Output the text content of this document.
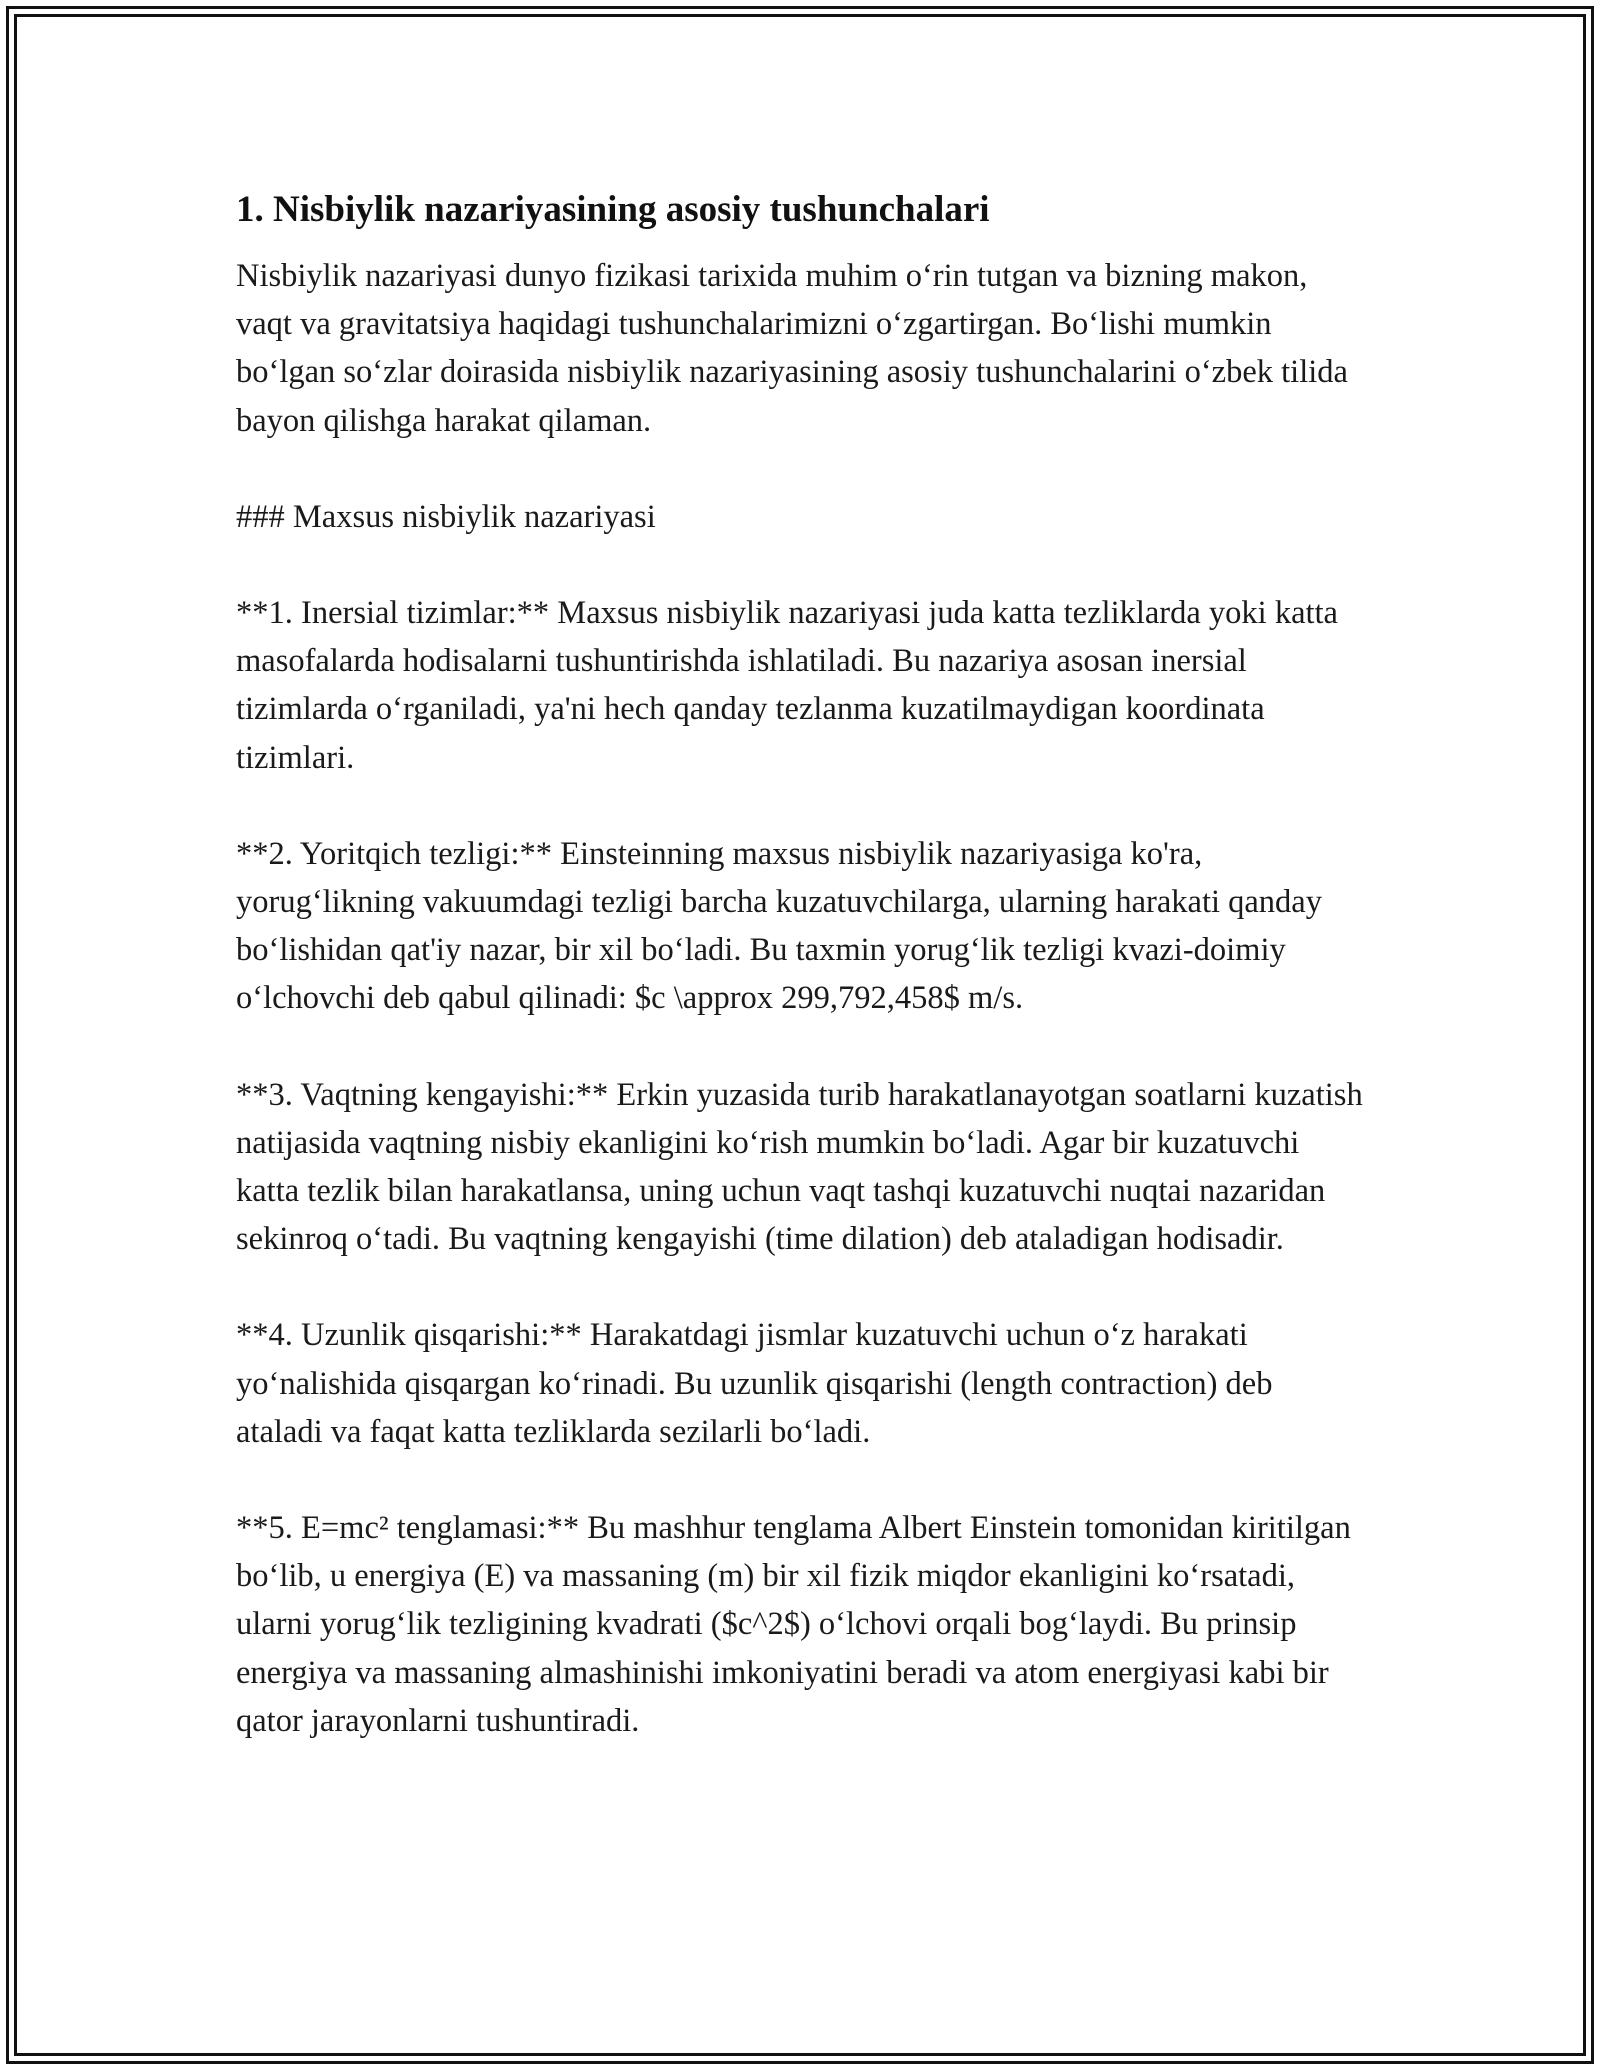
1. Nisbiylik nazariyasining asosiy tushunchalari

Nisbiylik nazariyasi dunyo fizikasi tarixida muhim o‘rin tutgan va bizning makon, vaqt va gravitatsiya haqidagi tushunchalarimizni o‘zgartirgan. Bo‘lishi mumkin bo‘lgan so‘zlar doirasida nisbiylik nazariyasining asosiy tushunchalarini o‘zbek tilida bayon qilishga harakat qilaman.

### Maxsus nisbiylik nazariyasi

**1. Inersial tizimlar:** Maxsus nisbiylik nazariyasi juda katta tezliklarda yoki katta masofalarda hodisalarni tushuntirishda ishlatiladi. Bu nazariya asosan inersial tizimlarda o‘rganiladi, ya'ni hech qanday tezlanma kuzatilmaydigan koordinata tizimlari.

**2. Yoritqich tezligi:** Einsteinning maxsus nisbiylik nazariyasiga ko'ra, yorug‘likning vakuumdagi tezligi barcha kuzatuvchilarga, ularning harakati qanday bo‘lishidan qat'iy nazar, bir xil bo‘ladi. Bu taxmin yorug‘lik tezligi kvazi-doimiy o‘lchovchi deb qabul qilinadi: $c \approx 299,792,458$ m/s.

**3. Vaqtning kengayishi:** Erkin yuzasida turib harakatlanayotgan soatlarni kuzatish natijasida vaqtning nisbiy ekanligini ko‘rish mumkin bo‘ladi. Agar bir kuzatuvchi katta tezlik bilan harakatlansa, uning uchun vaqt tashqi kuzatuvchi nuqtai nazaridan sekinroq o‘tadi. Bu vaqtning kengayishi (time dilation) deb ataladigan hodisadir.

**4. Uzunlik qisqarishi:** Harakatdagi jismlar kuzatuvchi uchun o‘z harakati yo‘nalishida qisqargan ko‘rinadi. Bu uzunlik qisqarishi (length contraction) deb ataladi va faqat katta tezliklarda sezilarli bo‘ladi.

**5. E=mc² tenglamasi:** Bu mashhur tenglama Albert Einstein tomonidan kiritilgan bo‘lib, u energiya (E) va massaning (m) bir xil fizik miqdor ekanligini ko‘rsatadi, ularni yorug‘lik tezligining kvadrati ($c^2$) o‘lchovi orqali bog‘laydi. Bu prinsip energiya va massaning almashinishi imkoniyatini beradi va atom energiyasi kabi bir qator jarayonlarni tushuntiradi.
